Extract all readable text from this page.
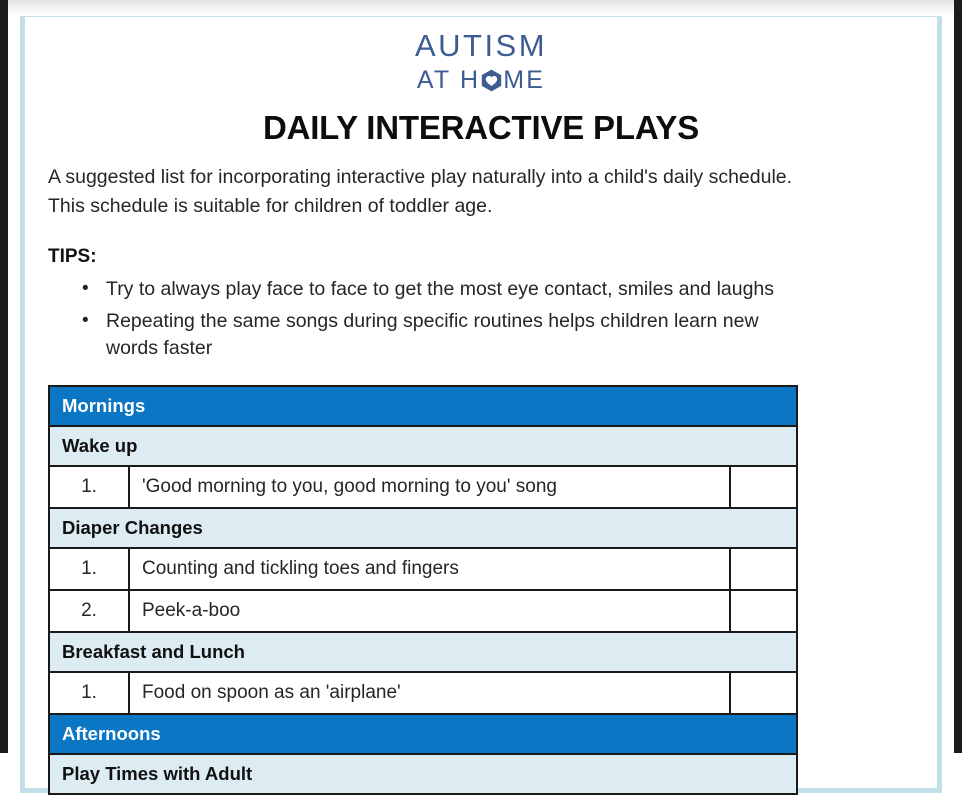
AUTISM
AT H ME
DAILY INTERACTIVE PLAYS

A suggested list for incorporating interactive play naturally into a child's daily schedule. This schedule is suitable for children of toddler age.

TIPS:
• Try to always play face to face to get the most eye contact, smiles and laughs
• Repeating the same songs during specific routines helps children learn new words faster
Mornings		
Wake up		
1.	'Good morning to you, good morning to you' song	
Diaper Changes		
1.	Counting and tickling toes and fingers	
2.	Peek-a-boo	
Breakfast and Lunch		
1.	Food on spoon as an 'airplane'	
Afternoons		
Play Times with Adult		
